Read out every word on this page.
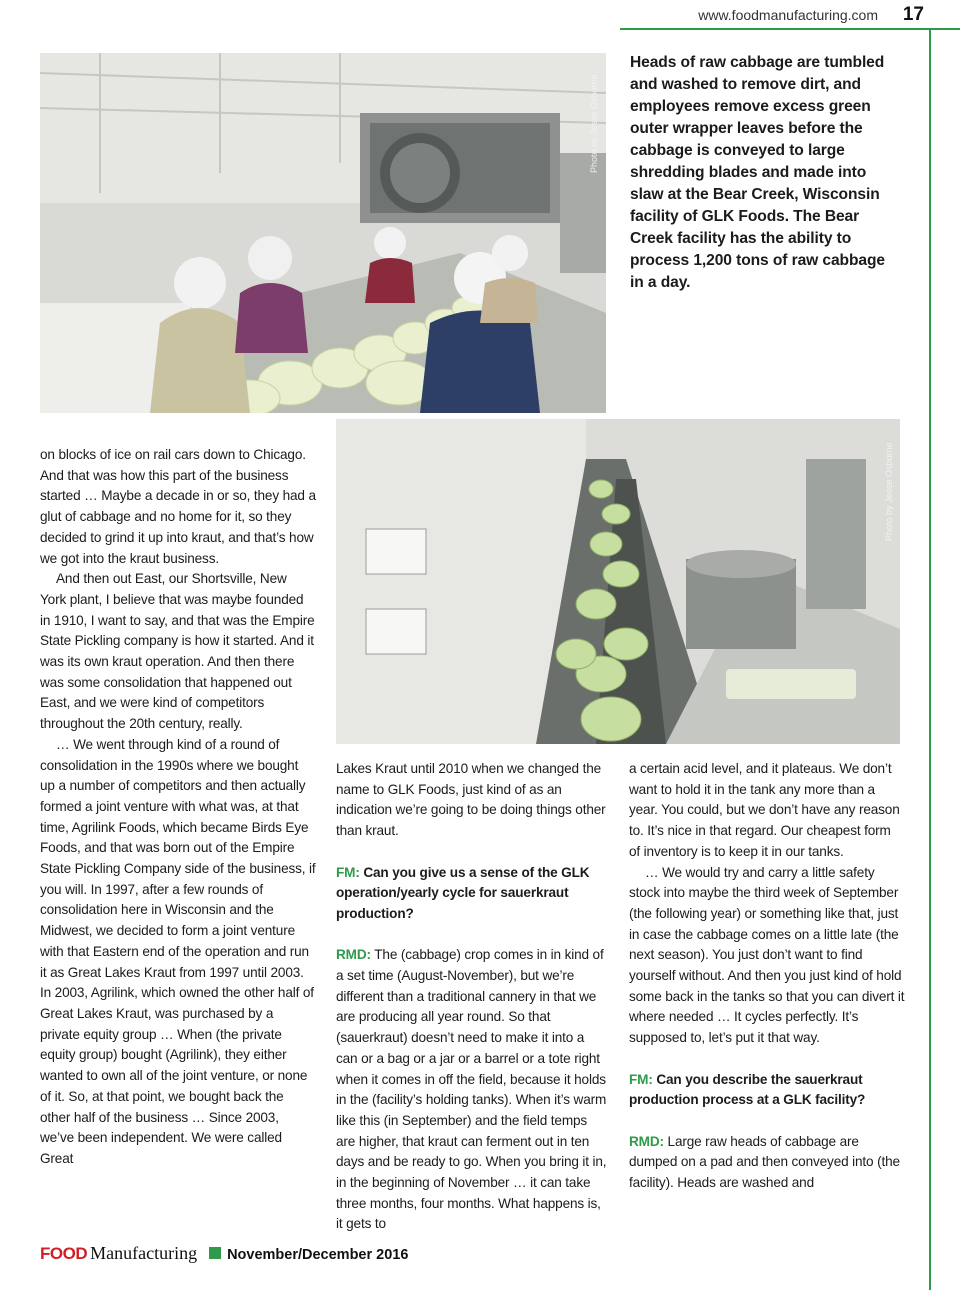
www.foodmanufacturing.com 17
Photo by Jesse Osborne
Heads of raw cabbage are tumbled and washed to remove dirt, and employees remove excess green outer wrapper leaves before the cabbage is conveyed to large shredding blades and made into slaw at the Bear Creek, Wisconsin facility of GLK Foods. The Bear Creek facility has the ability to process 1,200 tons of raw cabbage in a day.
Photo by Jesse Osborne

on blocks of ice on rail cars down to Chicago. And that was how this part of the business started … Maybe a decade in or so, they had a glut of cabbage and no home for it, so they decided to grind it up into kraut, and that’s how we got into the kraut business.

And then out East, our Shortsville, New York plant, I believe that was maybe founded in 1910, I want to say, and that was the Empire State Pickling company is how it started. And it was its own kraut operation. And then there was some consolidation that happened out East, and we were kind of competitors throughout the 20th century, really.

… We went through kind of a round of consolidation in the 1990s where we bought up a number of competitors and then actually formed a joint venture with what was, at that time, Agrilink Foods, which became Birds Eye Foods, and that was born out of the Empire State Pickling Company side of the business, if you will. In 1997, after a few rounds of consolidation here in Wisconsin and the Midwest, we decided to form a joint venture with that Eastern end of the operation and run it as Great Lakes Kraut from 1997 until 2003. In 2003, Agrilink, which owned the other half of Great Lakes Kraut, was purchased by a private equity group … When (the private equity group) bought (Agrilink), they either wanted to own all of the joint venture, or none of it. So, at that point, we bought back the other half of the business … Since 2003, we’ve been independent. We were called Great

Lakes Kraut until 2010 when we changed the name to GLK Foods, just kind of as an indication we’re going to be doing things other than kraut.

FM: Can you give us a sense of the GLK operation/yearly cycle for sauerkraut production?

RMD: The (cabbage) crop comes in in kind of a set time (August-November), but we’re different than a traditional cannery in that we are producing all year round. So that (sauerkraut) doesn’t need to make it into a can or a bag or a jar or a barrel or a tote right when it comes in off the field, because it holds in the (facility’s holding tanks). When it’s warm like this (in September) and the field temps are higher, that kraut can ferment out in ten days and be ready to go. When you bring it in, in the beginning of November … it can take three months, four months. What happens is, it gets to

a certain acid level, and it plateaus. We don’t want to hold it in the tank any more than a year. You could, but we don’t have any reason to. It’s nice in that regard. Our cheapest form of inventory is to keep it in our tanks.

… We would try and carry a little safety stock into maybe the third week of September (the following year) or something like that, just in case the cabbage comes on a little late (the next season). You just don’t want to find yourself without. And then you just kind of hold some back in the tanks so that you can divert it where needed … It cycles perfectly. It’s supposed to, let’s put it that way.

FM: Can you describe the sauerkraut production process at a GLK facility?

RMD: Large raw heads of cabbage are dumped on a pad and then conveyed into (the facility). Heads are washed and

FOOD Manufacturing November/December 2016
